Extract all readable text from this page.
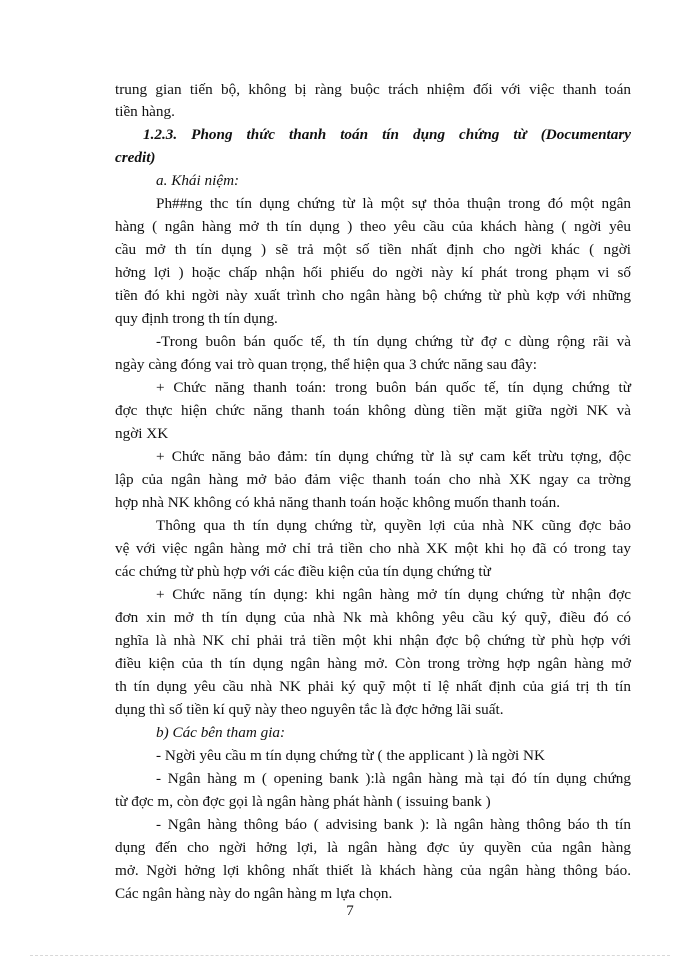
trung gian tiến bộ, không bị ràng buộc trách nhiệm đối với việc thanh toán
tiền hàng.
1.2.3. Phong thức thanh toán tín dụng chứng từ (Documentary
credit)
a. Khái niệm:
Ph##ng thc tín dụng chứng từ là một sự thỏa thuận trong đó một ngân
hàng ( ngân hàng mở th tín dụng ) theo yêu cầu của khách hàng ( ngời yêu
cầu mở th tín dụng ) sẽ trả một số tiền nhất định cho ngời khác ( ngời
hởng lợi ) hoặc chấp nhận hối phiếu do ngời này kí phát trong phạm vi số
tiền đó khi ngời này xuất trình cho ngân hàng bộ chứng từ phù kợp với những
quy định trong th tín dụng.
-Trong buôn bán quốc tế, th tín dụng chứng từ đợ c dùng rộng rãi và
ngày càng đóng vai trò quan trọng, thể hiện qua 3 chức năng sau đây:
+ Chức năng thanh toán: trong buôn bán quốc tế, tín dụng chứng từ
đợc thực hiện chức năng thanh toán không dùng tiền mặt giữa ngời NK và
ngời XK
+ Chức năng bảo đảm: tín dụng chứng từ là sự cam kết trừu tợng, độc
lập của ngân hàng mở bảo đảm việc thanh toán cho nhà XK ngay ca trờng
hợp nhà NK không có khả năng thanh toán hoặc không muốn thanh toán.
Thông qua th tín dụng chứng từ, quyền lợi của nhà NK cũng đợc bảo
vệ với việc ngân hàng mở chỉ trả tiền cho nhà XK một khi họ đã có trong tay
các chứng từ phù hợp với các điều kiện của tín dụng chứng từ
+ Chức năng tín dụng: khi ngân hàng mở tín dụng chứng từ nhận đợc
đơn xin mở th tín dụng của nhà Nk mà không yêu cầu ký quỹ, điều đó có
nghĩa là nhà NK chỉ phải trả tiền một khi nhận đợc bộ chứng từ phù hợp với
điều kiện của th tín dụng ngân hàng mở. Còn trong trờng hợp ngân hàng mở
th tín dụng yêu cầu nhà NK phải ký quỹ một tỉ lệ nhất định của giá trị th tín
dụng thì số tiền kí quỹ này theo nguyên tắc là đợc hởng lãi suất.
b) Các bên tham gia:
- Ngời yêu cầu m tín dụng chứng từ ( the applicant ) là ngời NK
- Ngân hàng m ( opening bank ):là ngân hàng mà tại đó tín dụng chứng
từ đợc m, còn đợc gọi là ngân hàng phát hành ( issuing bank )
- Ngân hàng thông báo ( advising bank ): là ngân hàng thông báo th tín
dụng đến cho ngời hởng lợi, là ngân hàng đợc ủy quyền của ngân hàng
mở. Ngời hởng lợi không nhất thiết là khách hàng của ngân hàng thông báo.
Các ngân hàng này do ngân hàng m lựa chọn.
7
